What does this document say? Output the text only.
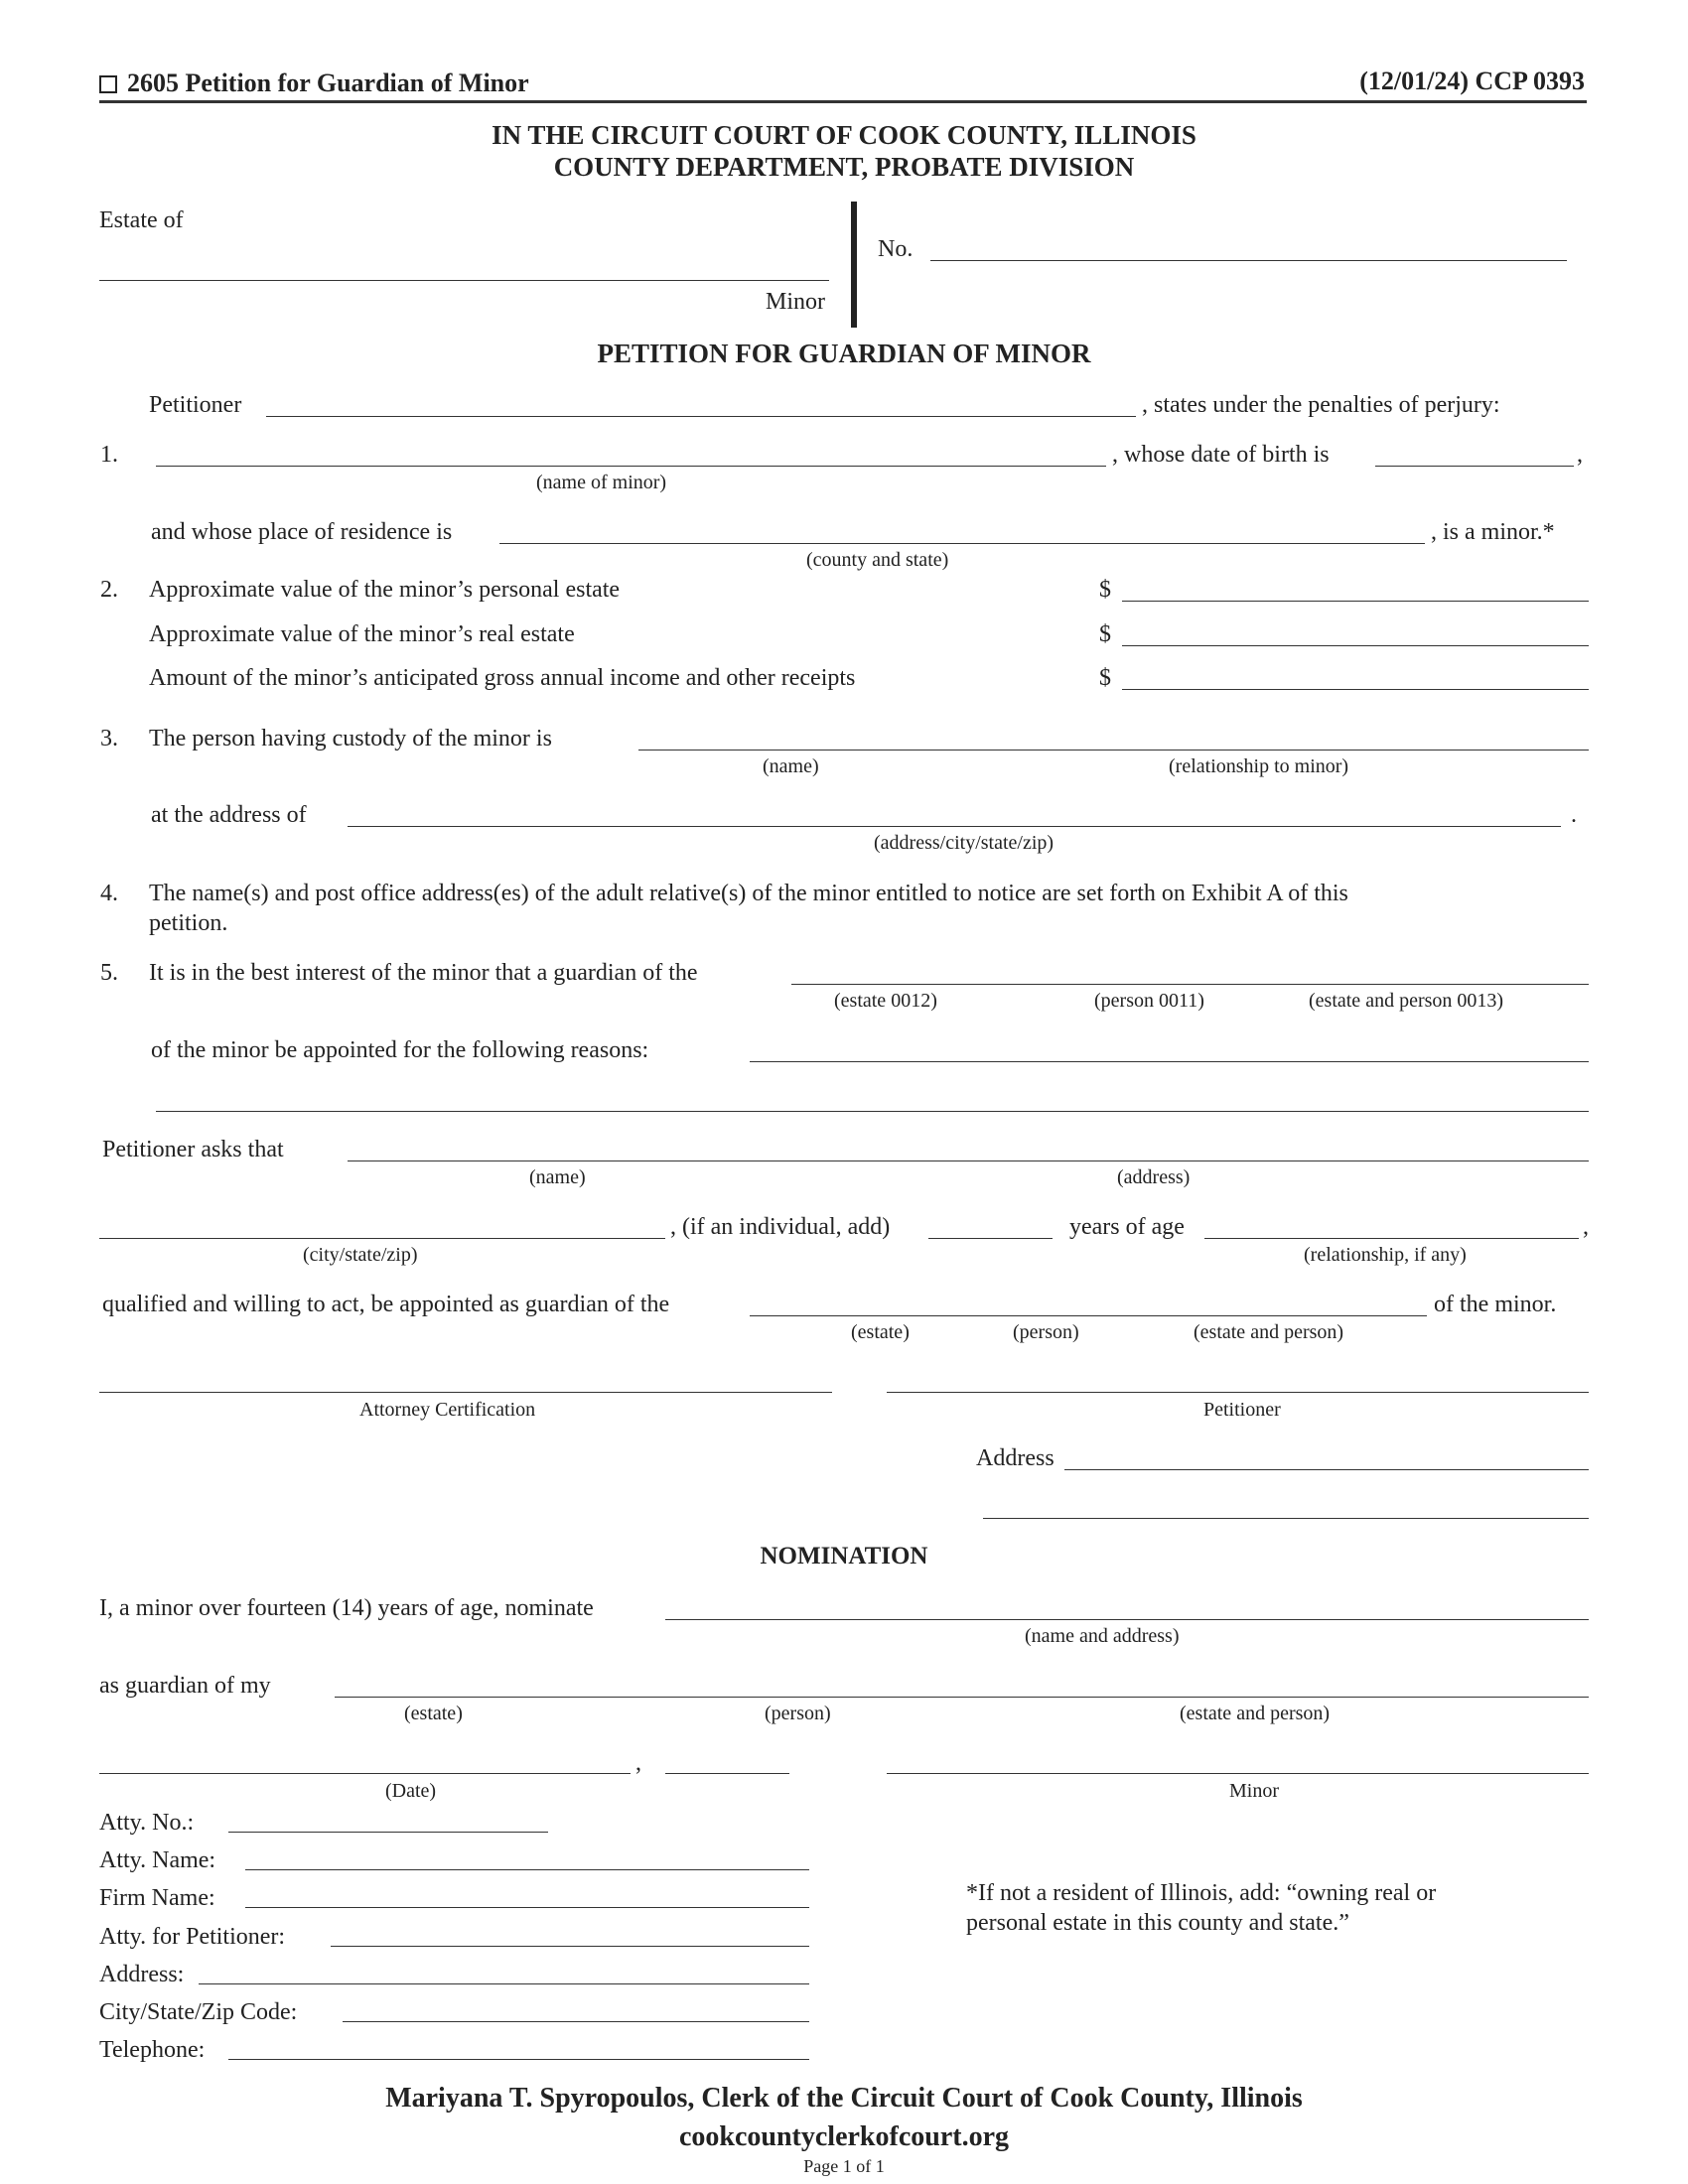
2605 Petition for Guardian of Minor	(12/01/24) CCP 0393
IN THE CIRCUIT COURT OF COOK COUNTY, ILLINOIS
COUNTY DEPARTMENT, PROBATE DIVISION
Estate of
Minor
No.
PETITION FOR GUARDIAN OF MINOR
Petitioner	, states under the penalties of perjury:
1.	, whose date of birth is	,
(name of minor)
and whose place of residence is	, is a minor.*
(county and state)
2. Approximate value of the minor’s personal estate	$
Approximate value of the minor’s real estate	$
Amount of the minor’s anticipated gross annual income and other receipts	$
3. The person having custody of the minor is
(name)	(relationship to minor)
at the address of	.
(address/city/state/zip)
4. The name(s) and post office address(es) of the adult relative(s) of the minor entitled to notice are set forth on Exhibit A of this
petition.
5. It is in the best interest of the minor that a guardian of the
(estate 0012)	(person 0011)	(estate and person 0013)
of the minor be appointed for the following reasons:
Petitioner asks that
(name)	(address)
, (if an individual, add)	years of age	,
(city/state/zip)	(relationship, if any)
qualified and willing to act, be appointed as guardian of the	of the minor.
(estate)	(person)	(estate and person)
Attorney Certification	Petitioner
Address
NOMINATION
I, a minor over fourteen (14) years of age, nominate
(name and address)
as guardian of my
(estate)	(person)	(estate and person)
,
(Date)	Minor
Atty. No.:
Atty. Name:
Firm Name:
Atty. for Petitioner:
Address:
City/State/Zip Code:
Telephone:
*If not a resident of Illinois, add: “owning real or
personal estate in this county and state.”
Mariyana T. Spyropoulos, Clerk of the Circuit Court of Cook County, Illinois
cookcountyclerkofcourt.org
Page 1 of 1
